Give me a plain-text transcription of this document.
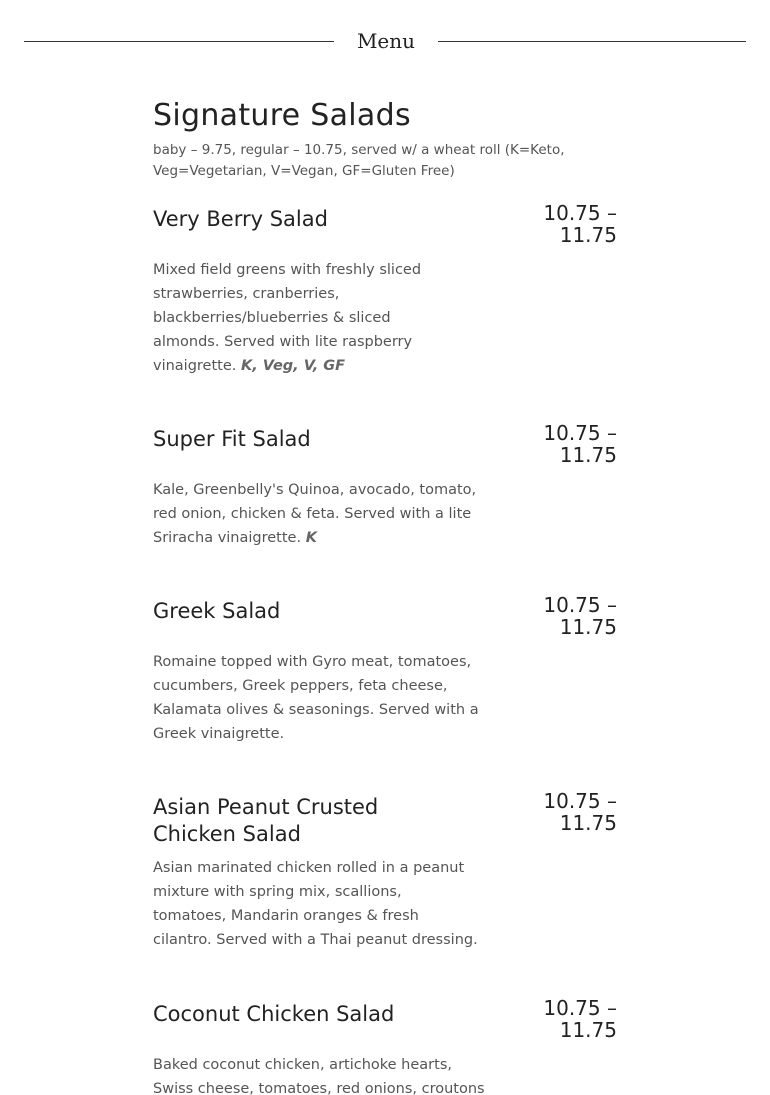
Menu
Signature Salads

baby – 9.75, regular – 10.75, served w/ a wheat roll (K=Keto, Veg=Vegetarian, V=Vegan, GF=Gluten Free)

Very Berry Salad	10.75 – 11.75

Mixed field greens with freshly sliced strawberries, cranberries, blackberries/blueberries & sliced almonds. Served with lite raspberry vinaigrette. K, Veg, V, GF

Super Fit Salad	10.75 – 11.75

Kale, Greenbelly's Quinoa, avocado, tomato, red onion, chicken & feta. Served with a lite Sriracha vinaigrette. K

Greek Salad	10.75 – 11.75

Romaine topped with Gyro meat, tomatoes, cucumbers, Greek peppers, feta cheese, Kalamata olives & seasonings. Served with a Greek vinaigrette.

Asian Peanut Crusted Chicken Salad
10.75 – 11.75

Asian marinated chicken rolled in a peanut mixture with spring mix, scallions, tomatoes, Mandarin oranges & fresh cilantro. Served with a Thai peanut dressing.

Coconut Chicken Salad	10.75 – 11.75

Baked coconut chicken, artichoke hearts, Swiss cheese, tomatoes, red onions, croutons
